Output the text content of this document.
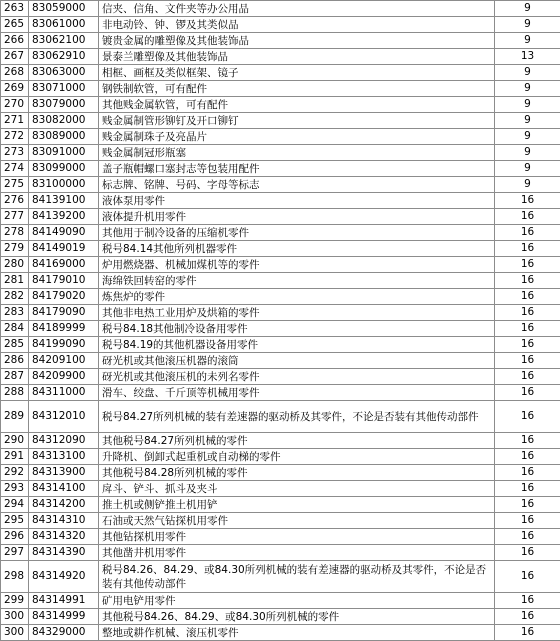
263	83059000	信夹、信角、文件夹等办公用品	9
265	83061000	非电动铃、钟、锣及其类似品	9
266	83062100	镀贵金属的雕塑像及其他装饰品	9
267	83062910	景泰兰雕塑像及其他装饰品	13
268	83063000	相框、画框及类似框架、镜子	9
269	83071000	钢铁制软管，可有配件	9
270	83079000	其他贱金属软管，可有配件	9
271	83082000	贱金属制管形铆钉及开口铆钉	9
272	83089000	贱金属制珠子及亮晶片	9
273	83091000	贱金属制冠形瓶塞	9
274	83099000	盖子瓶帽螺口塞封志等包装用配件	9
275	83100000	标志牌、铭牌、号码、字母等标志	9
276	84139100	液体泵用零件	16
277	84139200	液体提升机用零件	16
278	84149090	其他用于制冷设备的压缩机零件	16
279	84149019	税号84.14其他所列机器零件	16
280	84169000	炉用燃烧器、机械加煤机等的零件	16
281	84179010	海绵铁回转窑的零件	16
282	84179020	炼焦炉的零件	16
283	84179090	其他非电热工业用炉及烘箱的零件	16
284	84189999	税号84.18其他制冷设备用零件	16
285	84199090	税号84.19的其他机器设备用零件	16
286	84209100	砑光机或其他滚压机器的滚筒	16
287	84209900	砑光机或其他滚压机的未列名零件	16
288	84311000	滑车、绞盘、千斤顶等机械用零件	16
289	84312010	税号84.27所列机械的装有差速器的驱动桥及其零件，不论是否装有其他传动部件	16
290	84312090	其他税号84.27所列机械的零件	16
291	84313100	升降机、倒卸式起重机或自动梯的零件	16
292	84313900	其他税号84.28所列机械的零件	16
293	84314100	戽斗、铲斗、抓斗及夹斗	16
294	84314200	推土机或侧铲推土机用铲	16
295	84314310	石油或天然气钻探机用零件	16
296	84314320	其他钻探机用零件	16
297	84314390	其他凿井机用零件	16
298	84314920	税号84.26、84.29、或84.30所列机械的装有差速器的驱动桥及其零件，不论是否装有其他传动部件	16
299	84314991	矿用电铲用零件	16
300	84314999	其他税号84.26、84.29、或84.30所列机械的零件	16
300	84329000	整地或耕作机械、滚压机零件	16
